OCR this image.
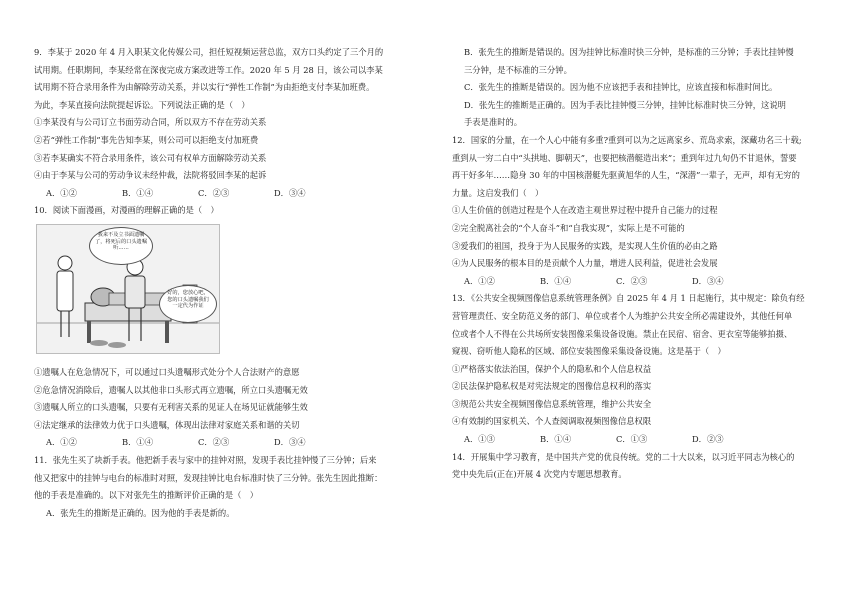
9．李某于 2020 年 4 月入职某文化传媒公司，担任短视频运营总监，双方口头约定了三个月的
试用期。任职期间，李某经常在深夜完成方案改进等工作。2020 年 5 月 28 日，该公司以李某
试用期不符合录用条件为由解除劳动关系，并以实行“弹性工作制”为由拒绝支付李某加班费。
为此，李某直接向法院提起诉讼。下列说法正确的是（　）
①李某没有与公司订立书面劳动合同，所以双方不存在劳动关系
②若“弹性工作制”事先告知李某，则公司可以拒绝支付加班费
③若李某确实不符合录用条件，该公司有权单方面解除劳动关系
④由于李某与公司的劳动争议未经仲裁，法院将驳回李某的起诉
A．①②	B．①④	C．②③	D．③④
10．阅读下面漫画，对漫画的理解正确的是（　）
我来不及立书面遗嘱了，将死后的口头遗嘱听……
好的，您放心吧，您的口头遗嘱我们一定代为作证
①遗嘱人在危急情况下，可以通过口头遗嘱形式处分个人合法财产的意愿
②危急情况消除后，遗嘱人以其他非口头形式再立遗嘱，所立口头遗嘱无效
③遗嘱人所立的口头遗嘱，只要有无利害关系的见证人在场见证就能够生效
④法定继承的法律效力优于口头遗嘱，体现出法律对家庭关系和谐的关切
A．①②	B．①④	C．②③	D．③④
11．张先生买了块新手表。他把新手表与家中的挂钟对照，发现手表比挂钟慢了三分钟；后来
他又把家中的挂钟与电台的标准时对照，发现挂钟比电台标准时快了三分钟。张先生因此推断：
他的手表是准确的。以下对张先生的推断评价正确的是（　）
A．张先生的推断是正确的。因为他的手表是新的。
B．张先生的推断是错误的。因为挂钟比标准时快三分钟，是标准的三分钟；手表比挂钟慢
三分钟，是不标准的三分钟。
C．张先生的推断是错误的。因为他不应该把手表和挂钟比，应该直接和标准时间比。
D．张先生的推断是正确的。因为手表比挂钟慢三分钟，挂钟比标准时快三分钟，这说明
手表是准时的。
12．国家的分量，在一个人心中能有多重?重到可以为之远离家乡、荒岛求索，深藏功名三十载;
重到从一穷二白中“头拱地、脚朝天”，也要把核潜艇造出来”；重到年过九旬仍不甘退休，誓要
再干好多年……隐身 30 年的中国核潜艇先驱黄旭华的人生，“深潜”一辈子，无声，却有无穷的
力量。这启发我们（　）
①人生价值的创造过程是个人在改造主观世界过程中提升自己能力的过程
②完全脱离社会的“个人奋斗”和“自我实现”，实际上是不可能的
③爱我们的祖国，投身于为人民服务的实践，是实现人生价值的必由之路
④为人民服务的根本目的是贡献个人力量，增进人民利益，促进社会发展
A．①②	B．①④	C．②③	D．③④
13．《公共安全视频图像信息系统管理条例》自 2025 年 4 月 1 日起施行，其中规定：除负有经
营管理责任、安全防范义务的部门、单位或者个人为维护公共安全所必需建设外，其他任何单
位或者个人不得在公共场所安装图像采集设备设施。禁止在民宿、宿舍、更衣室等能够拍摄、
窥视、窃听他人隐私的区域、部位安装图像采集设备设施。这是基于（　）
①严格落实依法治国，保护个人的隐私和个人信息权益
②民法保护隐私权是对宪法规定的图像信息权利的落实
③规范公共安全视频图像信息系统管理，维护公共安全
④有效制约国家机关、个人查阅调取视频图像信息权限
A．①③	B．①④	C．①③	D．②③
14．开展集中学习教育，是中国共产党的优良传统。党的二十大以来，以习近平同志为核心的
党中央先后(正在)开展 4 次党内专题思想教育。
